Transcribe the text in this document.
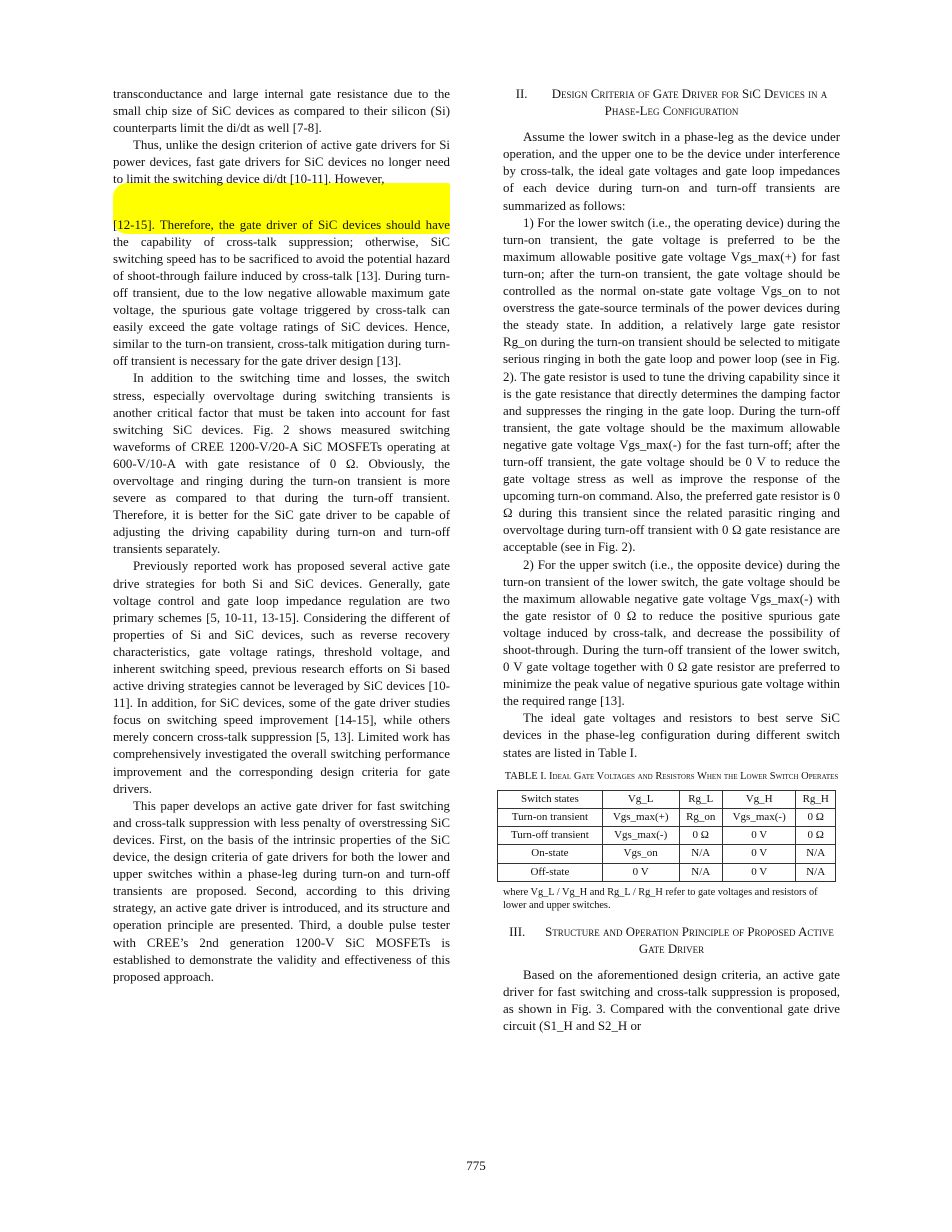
transconductance and large internal gate resistance due to the small chip size of SiC devices as compared to their silicon (Si) counterparts limit the di/dt as well [7-8].

Thus, unlike the design criterion of active gate drivers for Si power devices, fast gate drivers for SiC devices no longer need to limit the switching device di/dt [10-11]. However,

[12-15]. Therefore, the gate driver of SiC devices should have the capability of cross-talk suppression; otherwise, SiC switching speed has to be sacrificed to avoid the potential hazard of shoot-through failure induced by cross-talk [13]. During turn-off transient, due to the low negative allowable maximum gate voltage, the spurious gate voltage triggered by cross-talk can easily exceed the gate voltage ratings of SiC devices. Hence, similar to the turn-on transient, cross-talk mitigation during turn-off transient is necessary for the gate driver design [13].

In addition to the switching time and losses, the switch stress, especially overvoltage during switching transients is another critical factor that must be taken into account for fast switching SiC devices. Fig. 2 shows measured switching waveforms of CREE 1200-V/20-A SiC MOSFETs operating at 600-V/10-A with gate resistance of 0 Ω. Obviously, the overvoltage and ringing during the turn-on transient is more severe as compared to that during the turn-off transient. Therefore, it is better for the SiC gate driver to be capable of adjusting the driving capability during turn-on and turn-off transients separately.

Previously reported work has proposed several active gate drive strategies for both Si and SiC devices. Generally, gate voltage control and gate loop impedance regulation are two primary schemes [5, 10-11, 13-15]. Considering the different of properties of Si and SiC devices, such as reverse recovery characteristics, gate voltage ratings, threshold voltage, and inherent switching speed, previous research efforts on Si based active driving strategies cannot be leveraged by SiC devices [10-11]. In addition, for SiC devices, some of the gate driver studies focus on switching speed improvement [14-15], while others merely concern cross-talk suppression [5, 13]. Limited work has comprehensively investigated the overall switching performance improvement and the corresponding design criteria for gate drivers.

This paper develops an active gate driver for fast switching and cross-talk suppression with less penalty of overstressing SiC devices. First, on the basis of the intrinsic properties of the SiC device, the design criteria of gate drivers for both the lower and upper switches within a phase-leg during turn-on and turn-off transients are proposed. Second, according to this driving strategy, an active gate driver is introduced, and its structure and operation principle are presented. Third, a double pulse tester with CREE’s 2nd generation 1200-V SiC MOSFETs is established to demonstrate the validity and effectiveness of this proposed approach.

II. Design Criteria of Gate Driver for SiC Devices in a Phase-Leg Configuration

Assume the lower switch in a phase-leg as the device under operation, and the upper one to be the device under interference by cross-talk, the ideal gate voltages and gate loop impedances of each device during turn-on and turn-off transients are summarized as follows:

1) For the lower switch (i.e., the operating device) during the turn-on transient, the gate voltage is preferred to be the maximum allowable positive gate voltage Vgs_max(+) for fast turn-on; after the turn-on transient, the gate voltage should be controlled as the normal on-state gate voltage Vgs_on to not overstress the gate-source terminals of the power devices during the steady state. In addition, a relatively large gate resistor Rg_on during the turn-on transient should be selected to mitigate serious ringing in both the gate loop and power loop (see in Fig. 2). The gate resistor is used to tune the driving capability since it is the gate resistance that directly determines the damping factor and suppresses the ringing in the gate loop. During the turn-off transient, the gate voltage should be the maximum allowable negative gate voltage Vgs_max(-) for the fast turn-off; after the turn-off transient, the gate voltage should be 0 V to reduce the gate voltage stress as well as improve the response of the upcoming turn-on command. Also, the preferred gate resistor is 0 Ω during this transient since the related parasitic ringing and overvoltage during turn-off transient with 0 Ω gate resistance are acceptable (see in Fig. 2).

2) For the upper switch (i.e., the opposite device) during the turn-on transient of the lower switch, the gate voltage should be the maximum allowable negative gate voltage Vgs_max(-) with the gate resistor of 0 Ω to reduce the positive spurious gate voltage induced by cross-talk, and decrease the possibility of shoot-through. During the turn-off transient of the lower switch, 0 V gate voltage together with 0 Ω gate resistor are preferred to minimize the peak value of negative spurious gate voltage within the required range [13].

The ideal gate voltages and resistors to best serve SiC devices in the phase-leg configuration during different switch states are listed in Table I.

TABLE I. Ideal Gate Voltages and Resistors When the Lower Switch Operates
Switch states	Vg_L	Rg_L	Vg_H	Rg_H
Turn-on transient	Vgs_max(+)	Rg_on	Vgs_max(-)	0 Ω
Turn-off transient	Vgs_max(-)	0 Ω	0 V	0 Ω
On-state	Vgs_on	N/A	0 V	N/A
Off-state	0 V	N/A	0 V	N/A
where Vg_L / Vg_H and Rg_L / Rg_H refer to gate voltages and resistors of lower and upper switches.
III. Structure and Operation Principle of Proposed Active Gate Driver

Based on the aforementioned design criteria, an active gate driver for fast switching and cross-talk suppression is proposed, as shown in Fig. 3. Compared with the conventional gate drive circuit (S1_H and S2_H or

775
